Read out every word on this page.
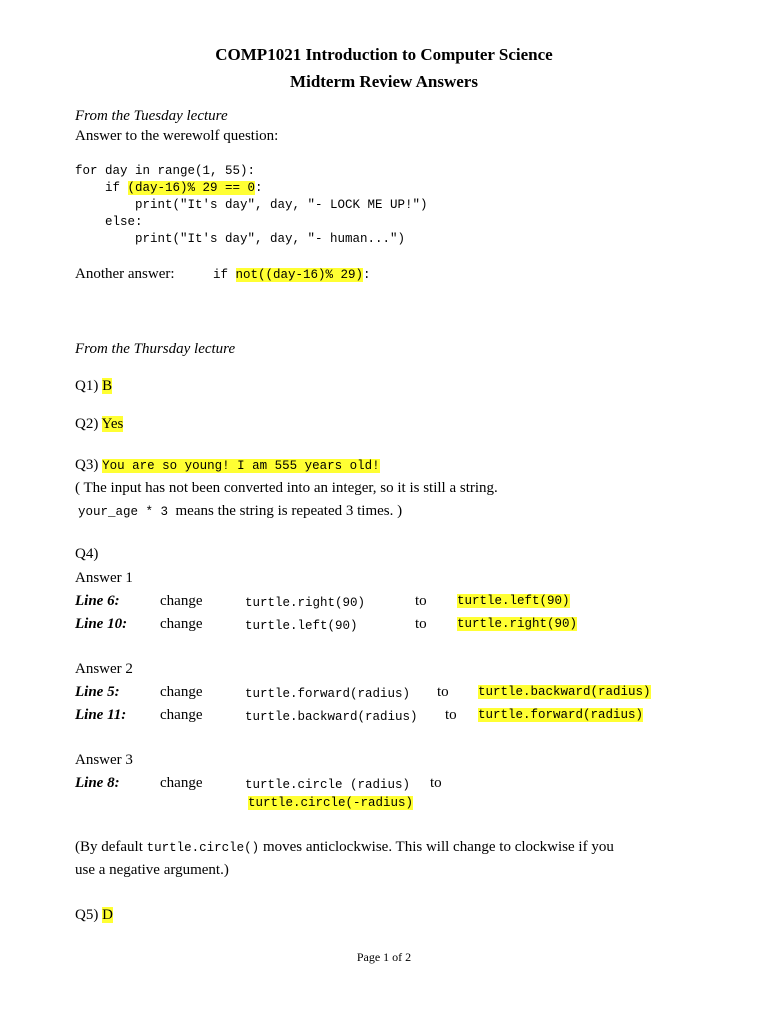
COMP1021 Introduction to Computer Science
Midterm Review Answers
From the Tuesday lecture
Answer to the werewolf question:
for day in range(1, 55):
if (day-16)% 29 == 0:
print("It's day", day, "- LOCK ME UP!")
else:
print("It's day", day, "- human...")
Another answer:	if not((day-16)% 29):
From the Thursday lecture
Q1) B
Q2) Yes
Q3) You are so young! I am 555 years old!
( The input has not been converted into an integer, so it is still a string.
your_age * 3 means the string is repeated 3 times. )
Q4)
Answer 1
Line 6:	change	turtle.right(90)	to turtle.left(90)
Line 10: change	turtle.left(90)	to turtle.right(90)
Answer 2
Line 5:	change	turtle.forward(radius) to turtle.backward(radius)
Line 11: change	turtle.backward(radius) to turtle.forward(radius)
Answer 3
Line 8:	change	turtle.circle (radius) to
turtle.circle(-radius)
(By default turtle.circle() moves anticlockwise. This will change to clockwise if you
use a negative argument.)
Q5) D
Page 1 of 2
